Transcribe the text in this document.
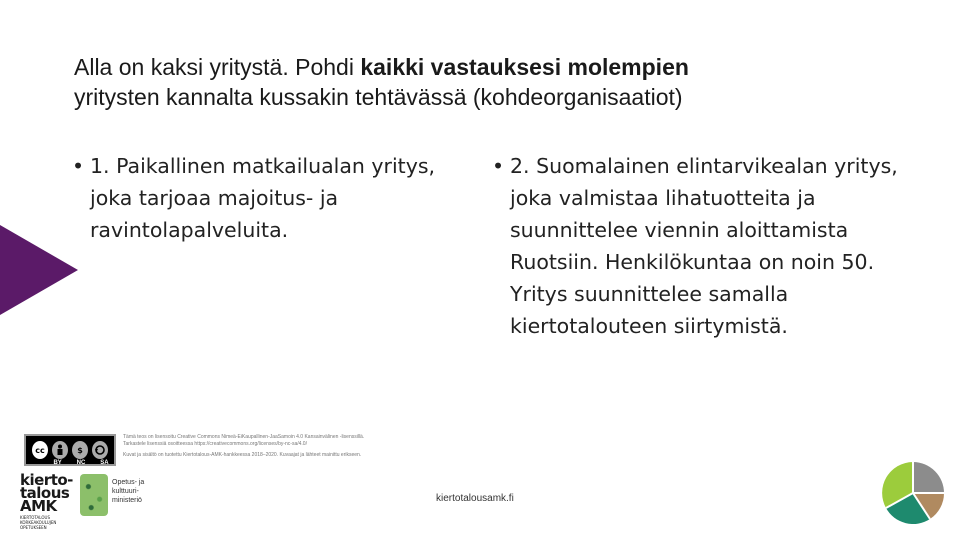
Alla on kaksi yritystä. Pohdi kaikki vastauksesi molempien
yritysten kannalta kussakin tehtävässä (kohdeorganisaatiot)
• 1. Paikallinen matkailualan yritys, joka tarjoaa majoitus- ja ravintolapalveluita.
• 2. Suomalainen elintarvikealan yritys, joka valmistaa lihatuotteita ja suunnittelee viennin aloittamista Ruotsiin. Henkilökuntaa on noin 50. Yritys suunnittelee samalla kiertotalouteen siirtymistä.
cc	$
BY NC SA

Tämä teos on lisensoitu Creative Commons Nimeä-EiKaupallinen-JaaSamoin 4.0 Kansainvälinen -lisenssillä. Tarkastele lisenssiä osoitteessa https://creativecommons.org/licenses/by-nc-sa/4.0/

Kuvat ja sisältö on tuotettu Kiertotalous-AMK-hankkeessa 2018–2020. Kuvaajat ja lähteet mainittu erikseen.

kierto-
talous
AMK
KIERTOTALOUS KORKEAKOULUJEN OPETUKSEEN
Opetus- ja
kulttuuri-
ministeriö	kiertotalousamk.fi
